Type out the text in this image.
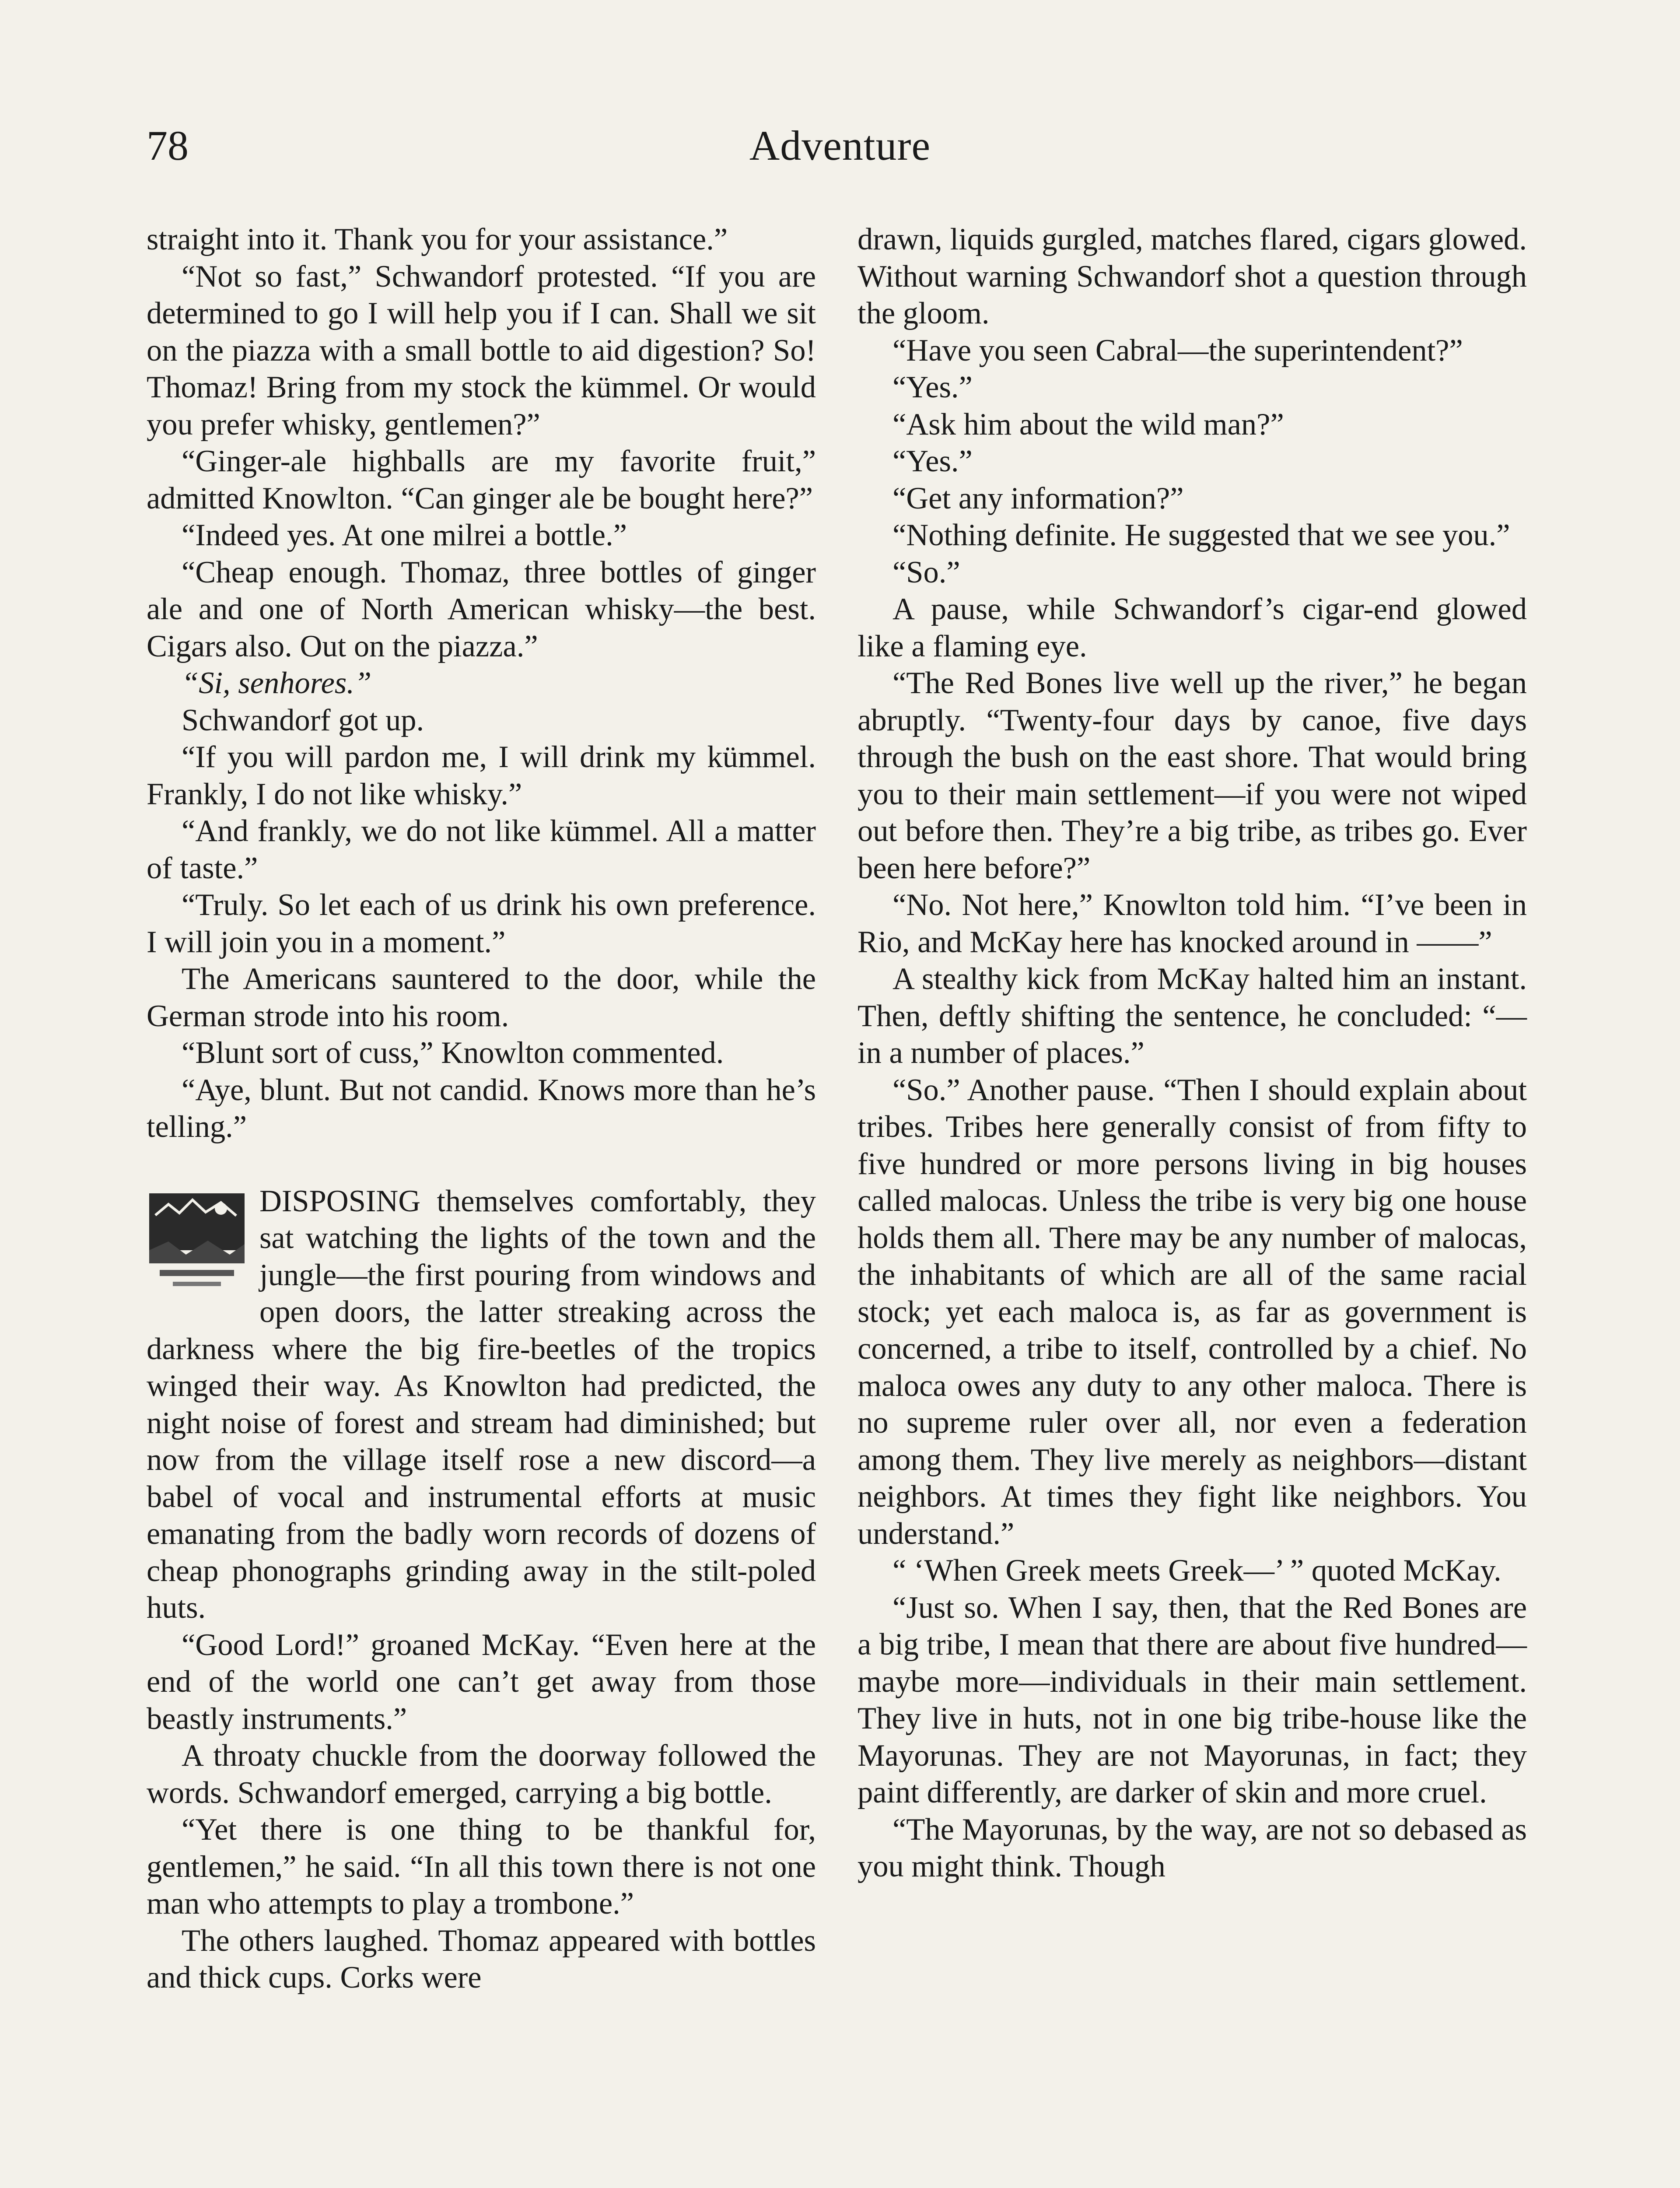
78	Adventure

straight into it. Thank you for your assistance.”

“Not so fast,” Schwandorf protested. “If you are determined to go I will help you if I can. Shall we sit on the piazza with a small bottle to aid digestion? So! Thomaz! Bring from my stock the kümmel. Or would you prefer whisky, gentlemen?”

“Ginger-ale highballs are my favorite fruit,” admitted Knowlton. “Can ginger ale be bought here?”

“Indeed yes. At one milrei a bottle.”

“Cheap enough. Thomaz, three bottles of ginger ale and one of North American whisky—the best. Cigars also. Out on the piazza.”

“Si, senhores.”

Schwandorf got up.

“If you will pardon me, I will drink my kümmel. Frankly, I do not like whisky.”

“And frankly, we do not like kümmel. All a matter of taste.”

“Truly. So let each of us drink his own preference. I will join you in a moment.”

The Americans sauntered to the door, while the German strode into his room.

“Blunt sort of cuss,” Knowlton commented.

“Aye, blunt. But not candid. Knows more than he’s telling.”

DISPOSING themselves comfortably, they sat watching the lights of the town and the jungle—the first pouring from windows and open doors, the latter streaking across the darkness where the big fire-beetles of the tropics winged their way. As Knowlton had predicted, the night noise of forest and stream had diminished; but now from the village itself rose a new discord—a babel of vocal and instrumental efforts at music emanating from the badly worn records of dozens of cheap phonographs grinding away in the stilt-poled huts.

“Good Lord!” groaned McKay. “Even here at the end of the world one can’t get away from those beastly instruments.”

A throaty chuckle from the doorway followed the words. Schwandorf emerged, carrying a big bottle.

“Yet there is one thing to be thankful for, gentlemen,” he said. “In all this town there is not one man who attempts to play a trombone.”

The others laughed. Thomaz appeared with bottles and thick cups. Corks were

drawn, liquids gurgled, matches flared, cigars glowed. Without warning Schwandorf shot a question through the gloom.

“Have you seen Cabral—the superintendent?”

“Yes.”

“Ask him about the wild man?”

“Yes.”

“Get any information?”

“Nothing definite. He suggested that we see you.”

“So.”

A pause, while Schwandorf’s cigar-end glowed like a flaming eye.

“The Red Bones live well up the river,” he began abruptly. “Twenty-four days by canoe, five days through the bush on the east shore. That would bring you to their main settlement—if you were not wiped out before then. They’re a big tribe, as tribes go. Ever been here before?”

“No. Not here,” Knowlton told him. “I’ve been in Rio, and McKay here has knocked around in ——”

A stealthy kick from McKay halted him an instant. Then, deftly shifting the sentence, he concluded: “—in a number of places.”

“So.” Another pause. “Then I should explain about tribes. Tribes here generally consist of from fifty to five hundred or more persons living in big houses called malocas. Unless the tribe is very big one house holds them all. There may be any number of malocas, the inhabitants of which are all of the same racial stock; yet each maloca is, as far as government is concerned, a tribe to itself, controlled by a chief. No maloca owes any duty to any other maloca. There is no supreme ruler over all, nor even a federation among them. They live merely as neighbors—distant neighbors. At times they fight like neighbors. You understand.”

“ ‘When Greek meets Greek—’ ” quoted McKay.

“Just so. When I say, then, that the Red Bones are a big tribe, I mean that there are about five hundred—maybe more—individuals in their main settlement. They live in huts, not in one big tribe-house like the Mayorunas. They are not Mayorunas, in fact; they paint differently, are darker of skin and more cruel.

“The Mayorunas, by the way, are not so debased as you might think. Though
